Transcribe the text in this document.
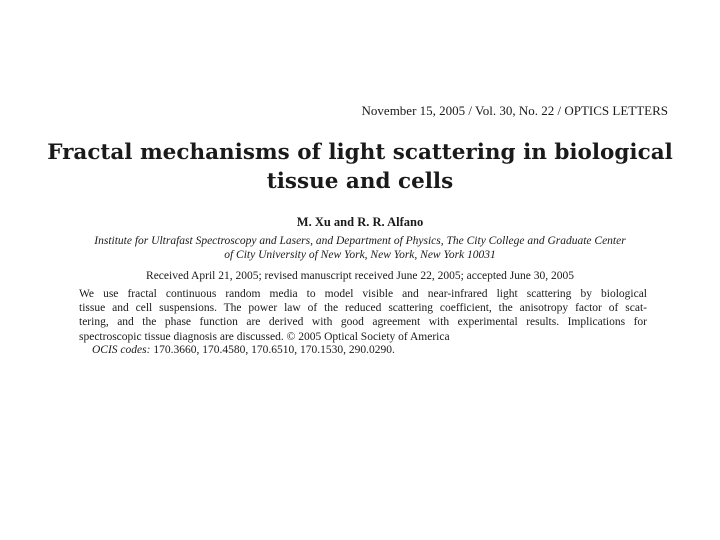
November 15, 2005 / Vol. 30, No. 22 / OPTICS LETTERS
Fractal mechanisms of light scattering in biological
tissue and cells
M. Xu and R. R. Alfano
Institute for Ultrafast Spectroscopy and Lasers, and Department of Physics, The City College and Graduate Center
of City University of New York, New York, New York 10031
Received April 21, 2005; revised manuscript received June 22, 2005; accepted June 30, 2005
We use fractal continuous random media to model visible and near-infrared light scattering by biological
tissue and cell suspensions. The power law of the reduced scattering coefficient, the anisotropy factor of scat-
tering, and the phase function are derived with good agreement with experimental results. Implications for
spectroscopic tissue diagnosis are discussed. © 2005 Optical Society of America
OCIS codes: 170.3660, 170.4580, 170.6510, 170.1530, 290.0290.
